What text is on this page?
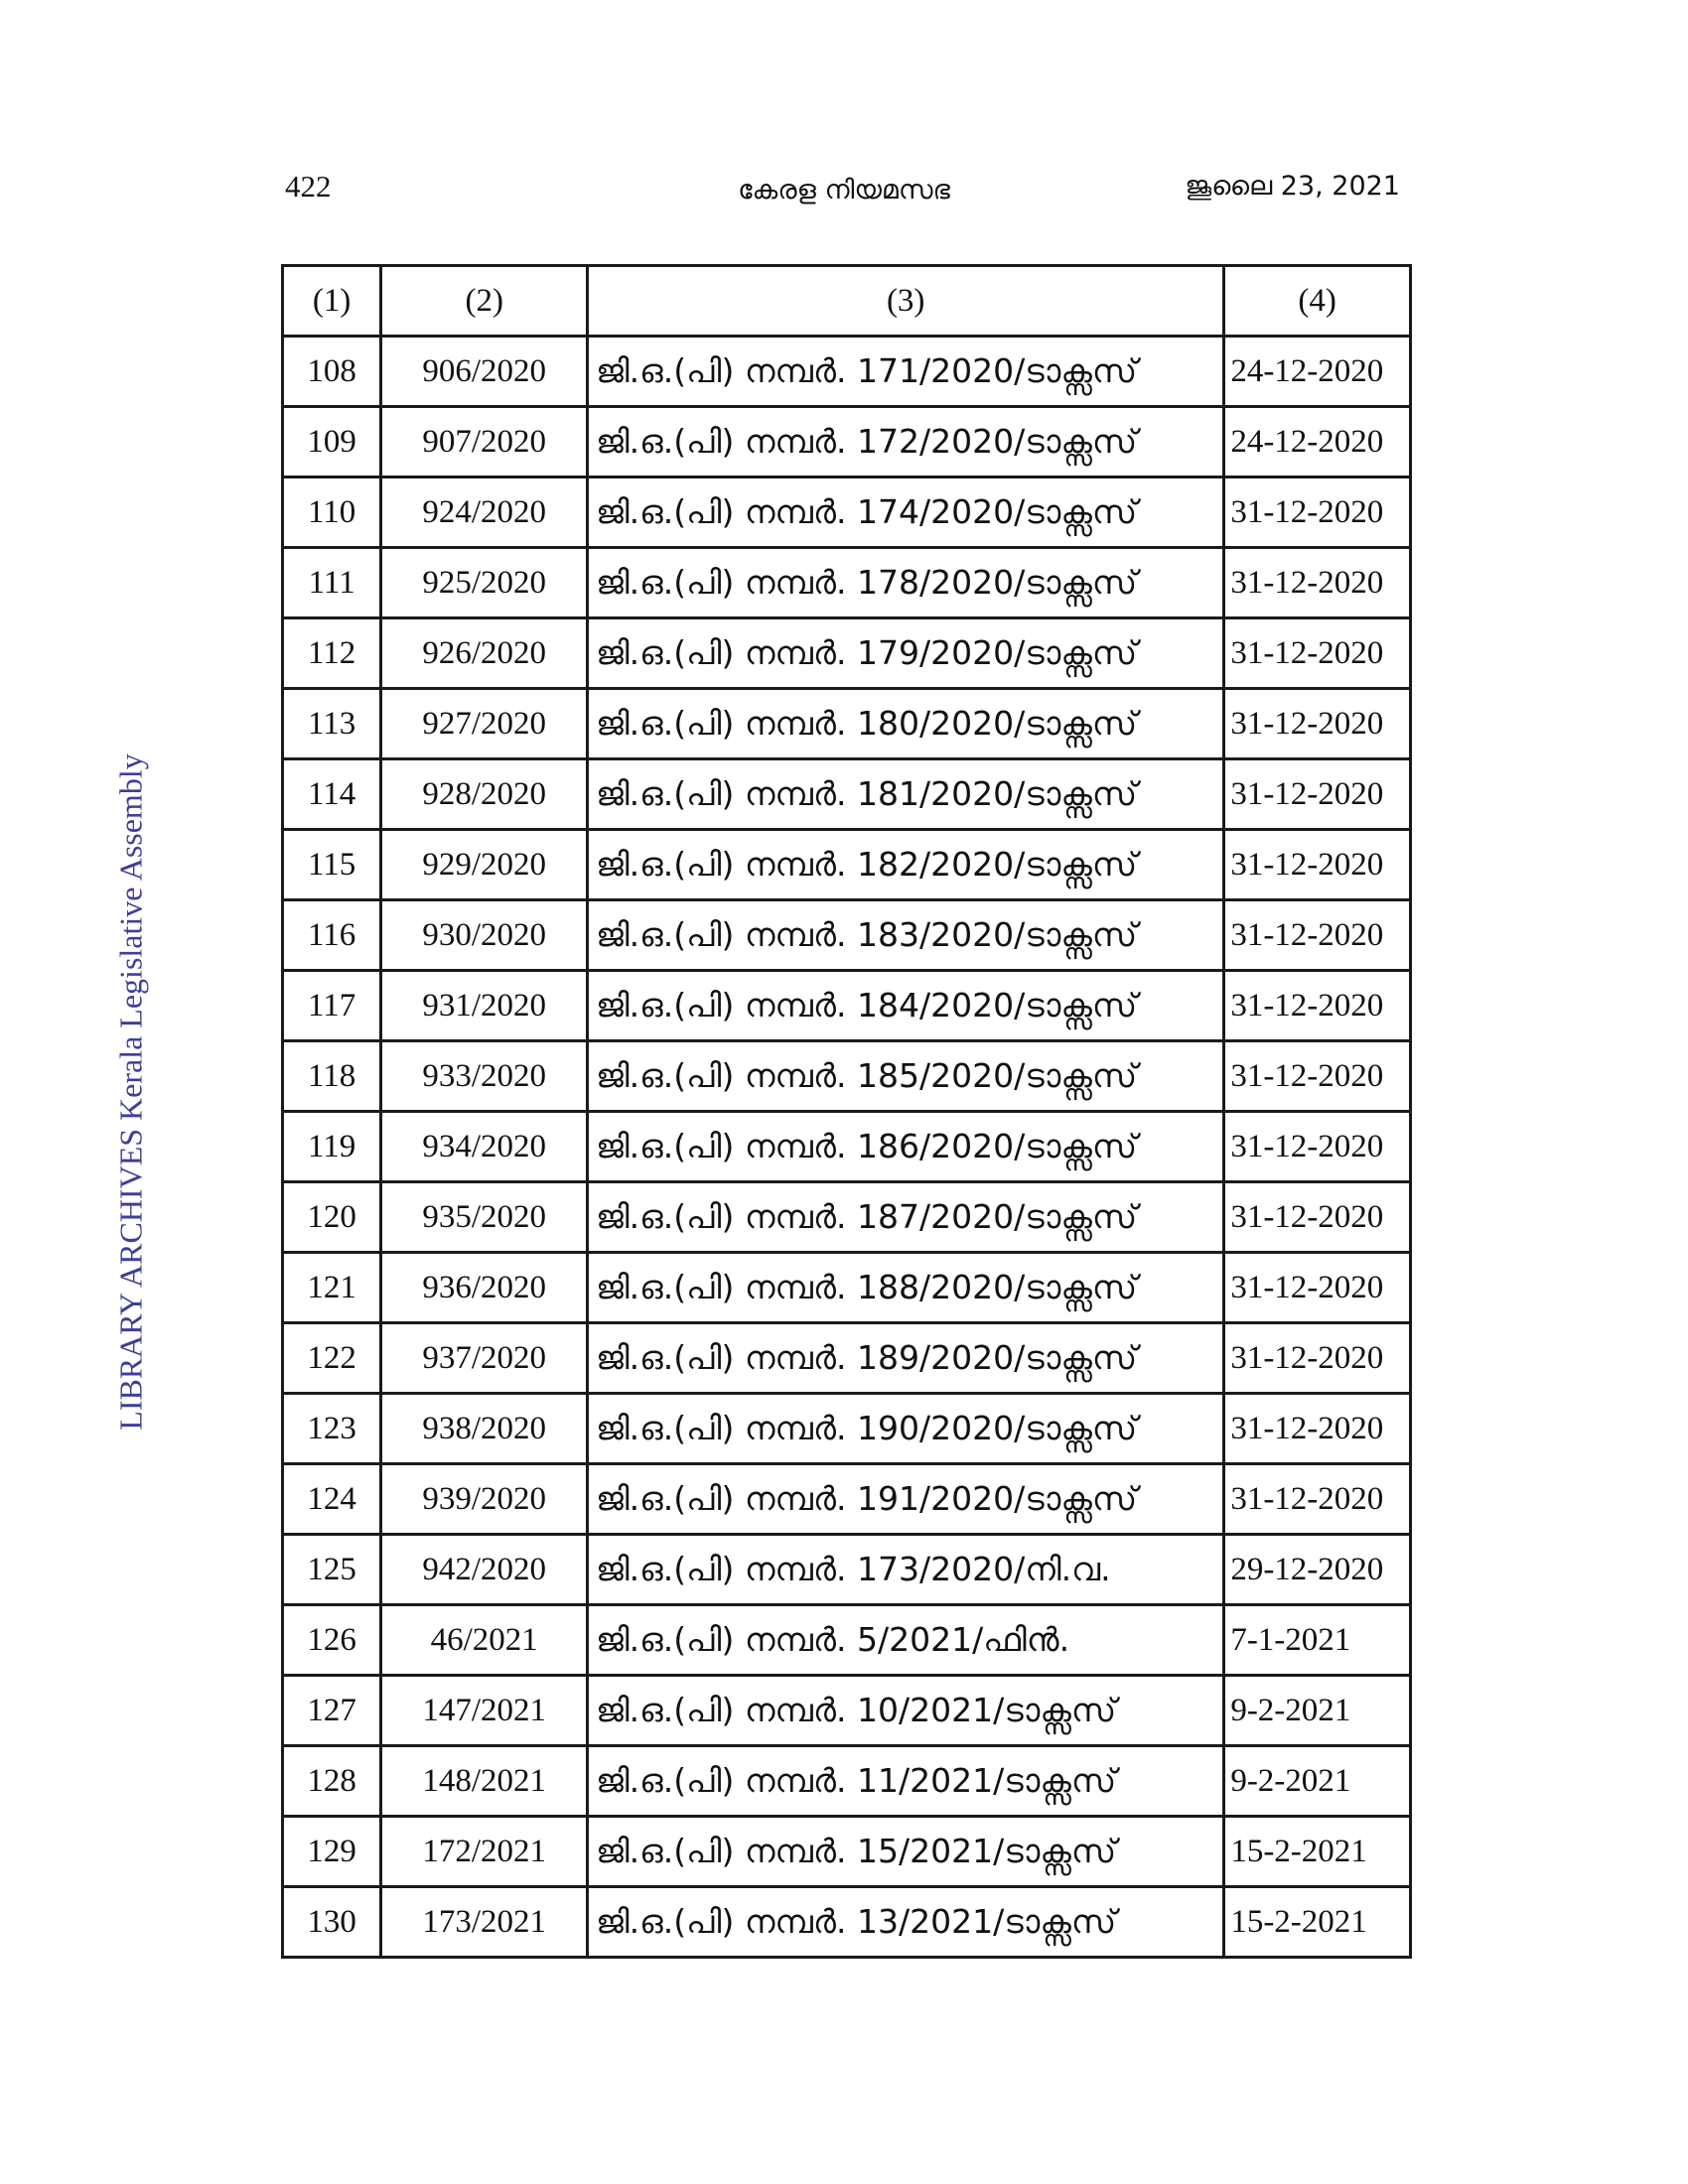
422	കേരള നിയമസഭ	ജൂലൈ 23, 2021
LIBRARY ARCHIVES Kerala Legislative Assembly
(1)	(2)	(3)	(4)
108	906/2020	ജി.ഒ.(പി) നമ്പർ. 171/2020/ടാക്സസ്	24-12-2020
109	907/2020	ജി.ഒ.(പി) നമ്പർ. 172/2020/ടാക്സസ്	24-12-2020
110	924/2020	ജി.ഒ.(പി) നമ്പർ. 174/2020/ടാക്സസ്	31-12-2020
111	925/2020	ജി.ഒ.(പി) നമ്പർ. 178/2020/ടാക്സസ്	31-12-2020
112	926/2020	ജി.ഒ.(പി) നമ്പർ. 179/2020/ടാക്സസ്	31-12-2020
113	927/2020	ജി.ഒ.(പി) നമ്പർ. 180/2020/ടാക്സസ്	31-12-2020
114	928/2020	ജി.ഒ.(പി) നമ്പർ. 181/2020/ടാക്സസ്	31-12-2020
115	929/2020	ജി.ഒ.(പി) നമ്പർ. 182/2020/ടാക്സസ്	31-12-2020
116	930/2020	ജി.ഒ.(പി) നമ്പർ. 183/2020/ടാക്സസ്	31-12-2020
117	931/2020	ജി.ഒ.(പി) നമ്പർ. 184/2020/ടാക്സസ്	31-12-2020
118	933/2020	ജി.ഒ.(പി) നമ്പർ. 185/2020/ടാക്സസ്	31-12-2020
119	934/2020	ജി.ഒ.(പി) നമ്പർ. 186/2020/ടാക്സസ്	31-12-2020
120	935/2020	ജി.ഒ.(പി) നമ്പർ. 187/2020/ടാക്സസ്	31-12-2020
121	936/2020	ജി.ഒ.(പി) നമ്പർ. 188/2020/ടാക്സസ്	31-12-2020
122	937/2020	ജി.ഒ.(പി) നമ്പർ. 189/2020/ടാക്സസ്	31-12-2020
123	938/2020	ജി.ഒ.(പി) നമ്പർ. 190/2020/ടാക്സസ്	31-12-2020
124	939/2020	ജി.ഒ.(പി) നമ്പർ. 191/2020/ടാക്സസ്	31-12-2020
125	942/2020	ജി.ഒ.(പി) നമ്പർ. 173/2020/നി.വ.	29-12-2020
126	46/2021	ജി.ഒ.(പി) നമ്പർ. 5/2021/ഫിൻ.	7-1-2021
127	147/2021	ജി.ഒ.(പി) നമ്പർ. 10/2021/ടാക്സസ്	9-2-2021
128	148/2021	ജി.ഒ.(പി) നമ്പർ. 11/2021/ടാക്സസ്	9-2-2021
129	172/2021	ജി.ഒ.(പി) നമ്പർ. 15/2021/ടാക്സസ്	15-2-2021
130	173/2021	ജി.ഒ.(പി) നമ്പർ. 13/2021/ടാക്സസ്	15-2-2021
